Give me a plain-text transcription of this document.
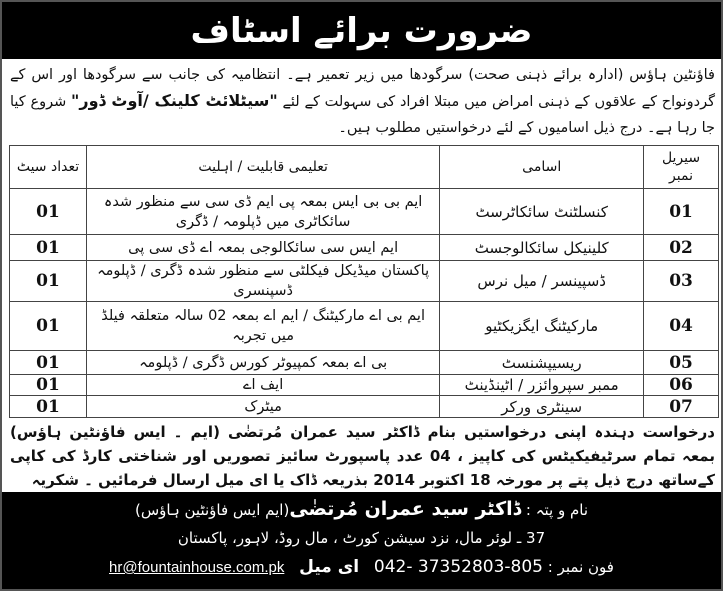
ضرورت برائے اسٹاف
فاؤنٹین ہاؤس (ادارہ برائے ذہنی صحت) سرگودھا میں زیر تعمیر ہے۔ انتظامیہ کی جانب سے سرگودھا اور اس کے گردونواح کے علاقوں کے ذہنی امراض میں مبتلا افراد کی سہولت کے لئے "سیٹلائٹ کلینک /آوٹ ڈور" شروع کیا جا رہا ہے۔ درج ذیل اسامیوں کے لئے درخواستیں مطلوب ہیں۔
سیریل نمبر	اسامی	تعلیمی قابلیت / اہلیت	تعداد سیٹ
01	کنسلٹنٹ سائکاٹرسٹ	ایم بی بی ایس بمعہ پی ایم ڈی سی سے منظور شدہ سائکاٹری میں ڈپلومہ / ڈگری	01
02	کلینیکل سائکالوجسٹ	ایم ایس سی سائکالوجی بمعہ اے ڈی سی پی	01
03	ڈسپینسر / میل نرس	پاکستان میڈیکل فیکلٹی سے منظور شدہ ڈگری / ڈپلومہ ڈسپنسری	01
04	مارکیٹنگ ایگزیکٹیو	ایم بی اے مارکیٹنگ / ایم اے بمعہ 02 سالہ متعلقہ فیلڈ میں تجربہ	01
05	ریسیپشنسٹ	بی اے بمعہ کمپیوٹر کورس ڈگری / ڈپلومہ	01
06	ممبر سپروائزر / اٹینڈینٹ	ایف اے	01
07	سینٹری ورکر	میٹرک	01
درخواست دہندہ اپنی درخواستیں بنام ڈاکٹر سید عمران مُرتضٰی (ایم ۔ ایس فاؤنٹین ہاؤس) بمعہ تمام سرٹیفیکیٹس کی کاپیز ، 04 عدد پاسپورٹ سائیز تصوریں اور شناختی کارڈ کی کاپی کےساتھ درج ذیل پتے پر مورخہ 18 اکتوبر 2014 بذریعہ ڈاک یا ای میل ارسال فرمائیں ۔ شکریہ
نام و پتہ : ڈاکٹر سید عمران مُرتضٰی(ایم ایس فاؤنٹین ہاؤس)
37 ـ لوئر مال، نزد سیشن کورٹ ، مال روڈ، لاہور، پاکستان
فون نمبر : 042- 37352803-805 ای میل hr@fountainhouse.com.pk
